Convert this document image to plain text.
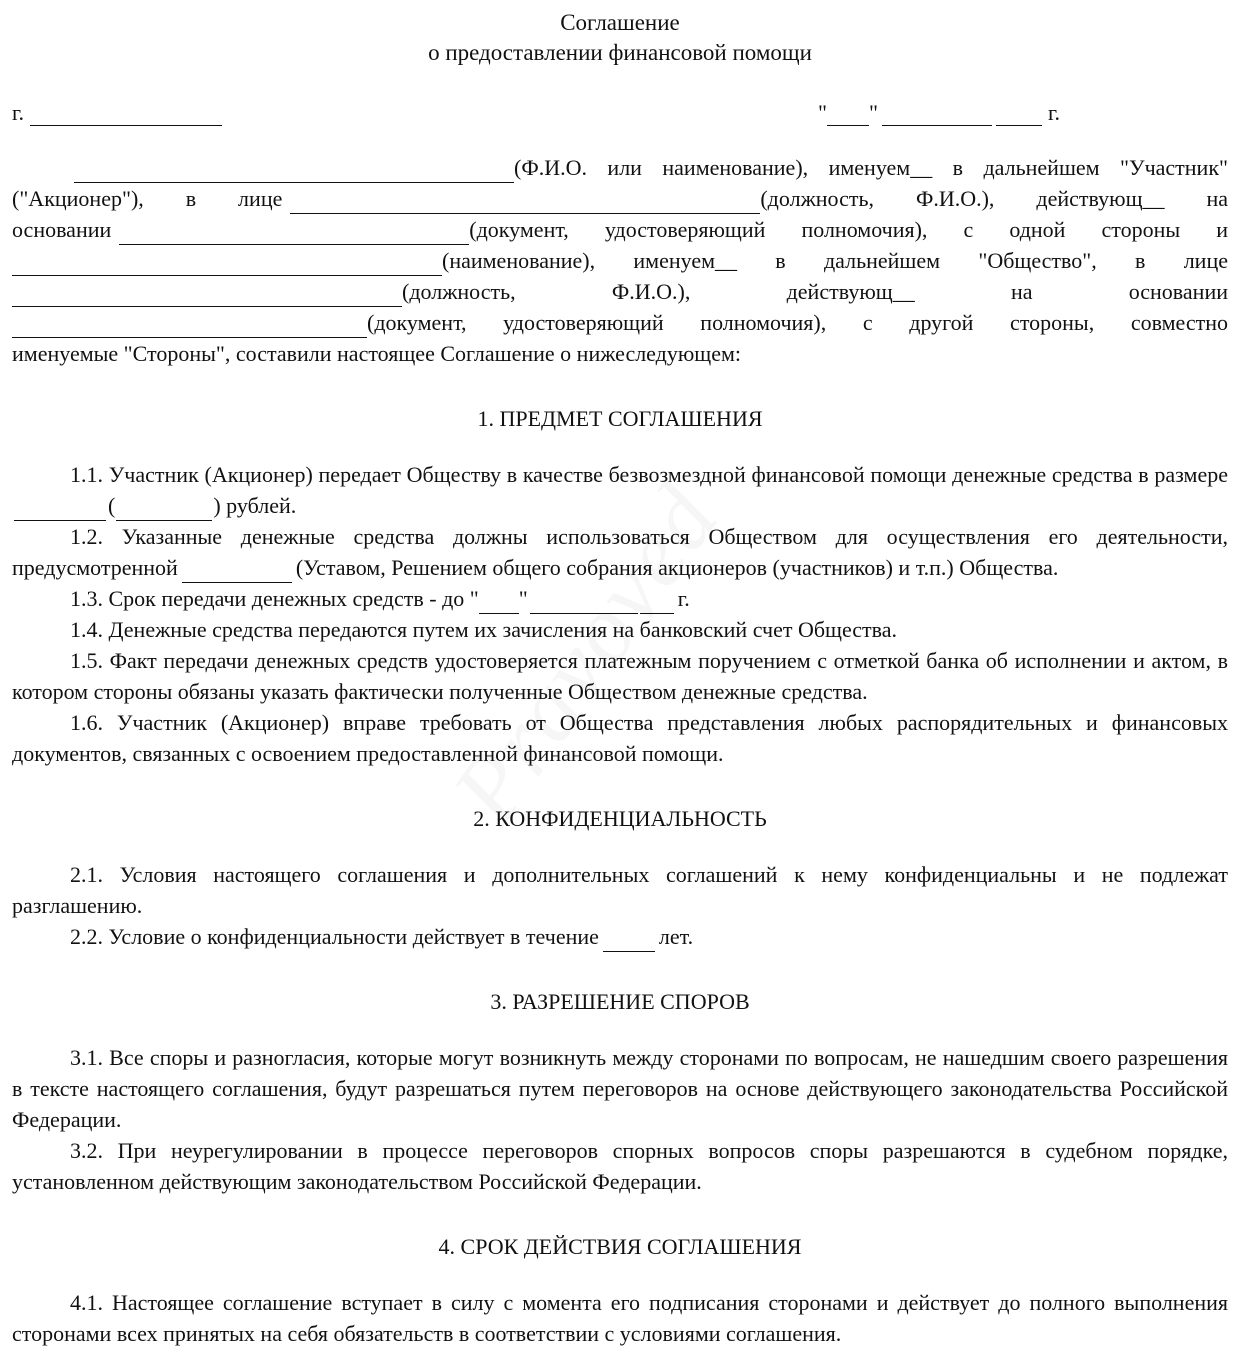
Соглашение
о предоставлении финансовой помощи
г.	" "	г.
(Ф.И.О. или наименование), именуем__ в дальнейшем "Участник"
("Акционер"), в лице	(должность, Ф.И.О.), действующ__ на
основании	(документ, удостоверяющий полномочия), с одной стороны и
(наименование), именуем__ в дальнейшем "Общество", в лице
(должность, Ф.И.О.), действующ__ на основании
(документ, удостоверяющий полномочия), с другой стороны, совместно
именуемые "Стороны", составили настоящее Соглашение о нижеследующем:
1. ПРЕДМЕТ СОГЛАШЕНИЯ

1.1. Участник (Акционер) передает Обществу в качестве безвозмездной финансовой помощи денежные средства в размере(	) рублей.

1.2. Указанные денежные средства должны использоваться Обществом для осуществления его деятельности, предусмотренной	(Уставом, Решением общего собрания акционеров (участников) и т.п.) Общества.

1.3. Срок передачи денежных средств - до " "	г.

1.4. Денежные средства передаются путем их зачисления на банковский счет Общества.

1.5. Факт передачи денежных средств удостоверяется платежным поручением с отметкой банка об исполнении и актом, в котором стороны обязаны указать фактически полученные Обществом денежные средства.

1.6. Участник (Акционер) вправе требовать от Общества представления любых распорядительных и финансовых документов, связанных с освоением предоставленной финансовой помощи.

2. КОНФИДЕНЦИАЛЬНОСТЬ

2.1. Условия настоящего соглашения и дополнительных соглашений к нему конфиденциальны и не подлежат разглашению.

2.2. Условие о конфиденциальности действует в течение	лет.

3. РАЗРЕШЕНИЕ СПОРОВ

3.1. Все споры и разногласия, которые могут возникнуть между сторонами по вопросам, не нашедшим своего разрешения в тексте настоящего соглашения, будут разрешаться путем переговоров на основе действующего законодательства Российской Федерации.

3.2. При неурегулировании в процессе переговоров спорных вопросов споры разрешаются в судебном порядке, установленном действующим законодательством Российской Федерации.

4. СРОК ДЕЙСТВИЯ СОГЛАШЕНИЯ

4.1. Настоящее соглашение вступает в силу с момента его подписания сторонами и действует до полного выполнения сторонами всех принятых на себя обязательств в соответствии с условиями соглашения.
